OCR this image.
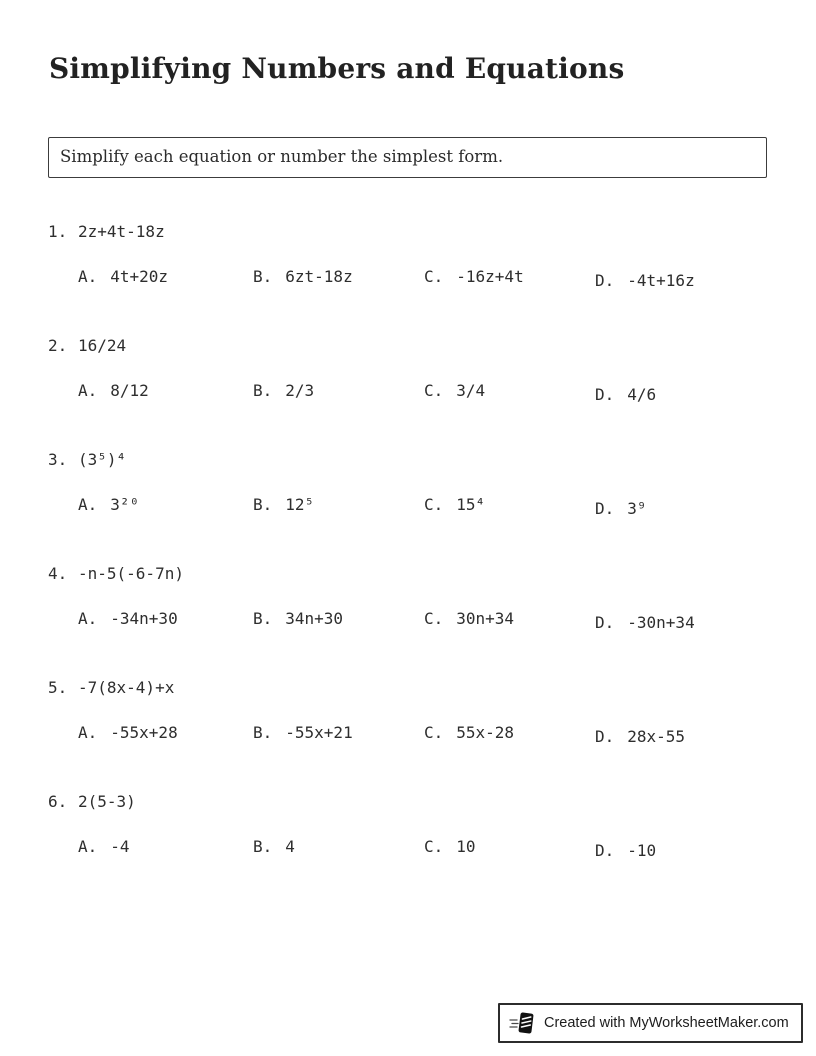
Simplifying Numbers and Equations
Simplify each equation or number the simplest form.
1. 2z+4t-18z
A. 4t+20z	B. 6zt-18z	C. -16z+4t	D. -4t+16z
2. 16/24
A. 8/12	B. 2/3	C. 3/4	D. 4/6
3. (3⁵)⁴
A. 3²⁰	B. 12⁵	C. 15⁴	D. 3⁹
4. -n-5(-6-7n)
A. -34n+30	B. 34n+30	C. 30n+34	D. -30n+34
5. -7(8x-4)+x
A. -55x+28	B. -55x+21	C. 55x-28	D. 28x-55
6. 2(5-3)
A. -4	B. 4	C. 10	D. -10
Created with MyWorksheetMaker.com
